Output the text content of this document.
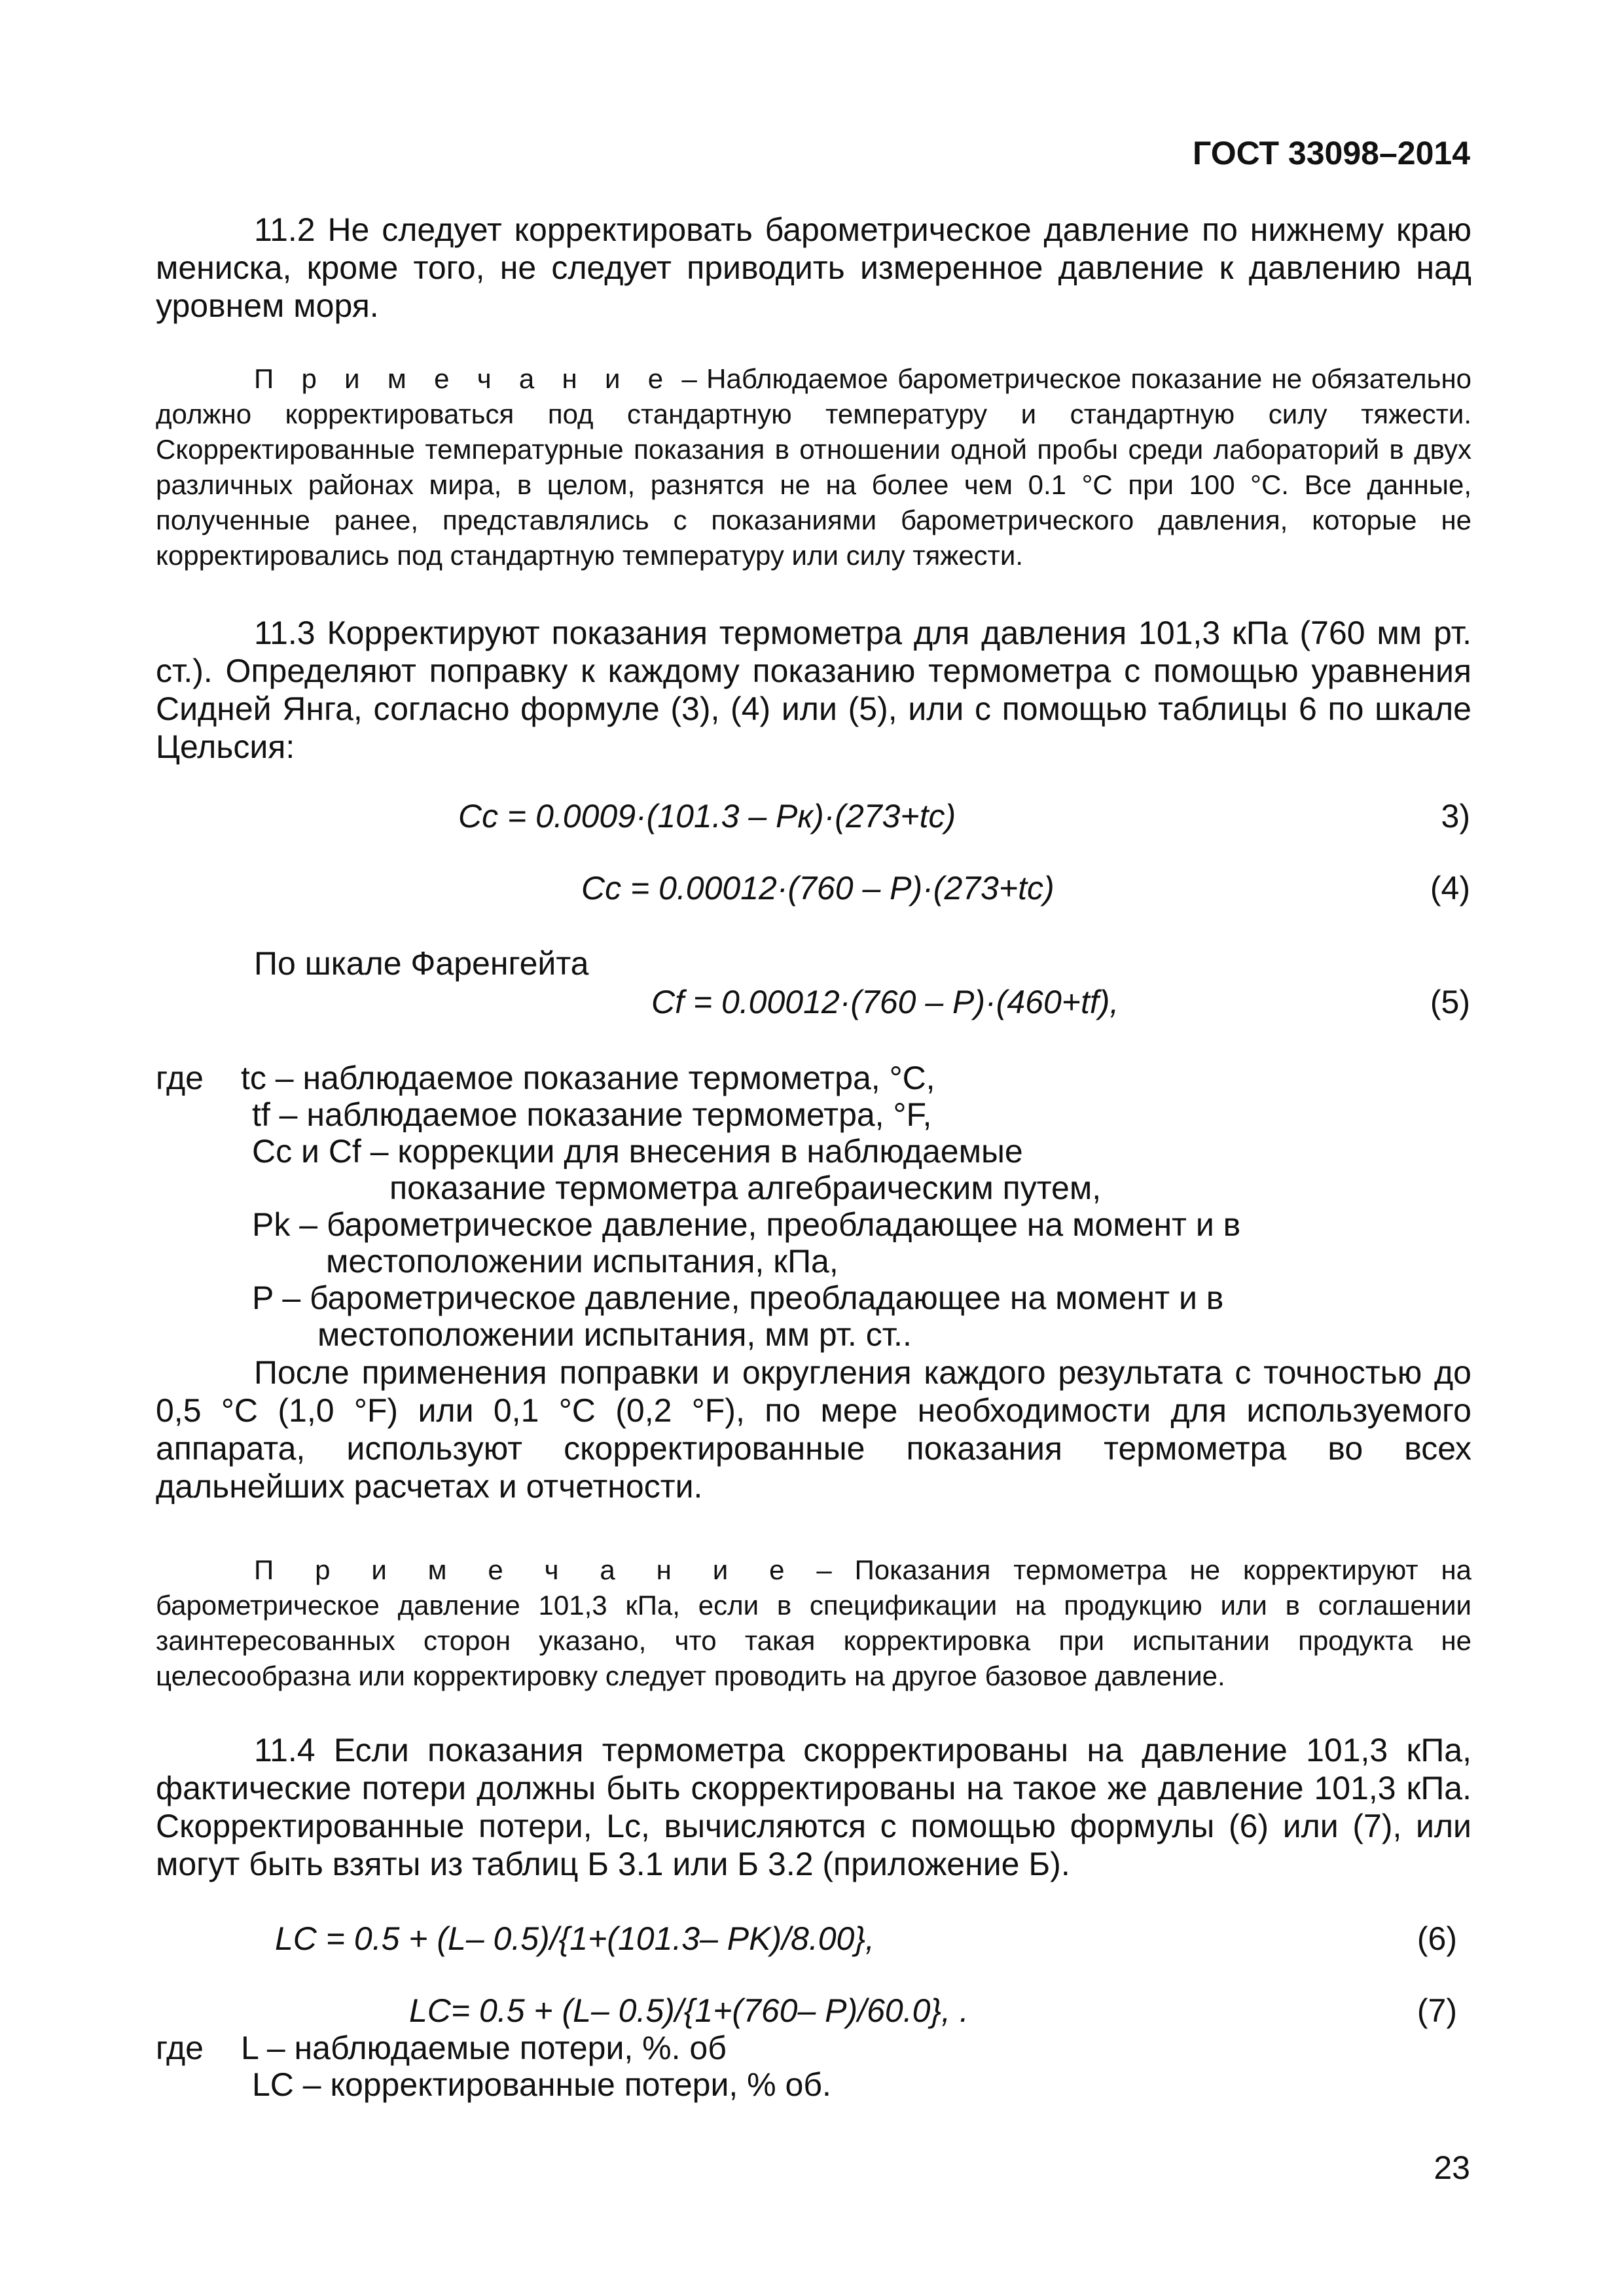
ГОСТ 33098–2014
11.2 Не следует корректировать барометрическое давление по нижнему краю мениска, кроме того, не следует приводить измеренное давление к давлению над уровнем моря.
П р и м е ч а н и е – Наблюдаемое барометрическое показание не обязательно должно корректироваться под стандартную температуру и стандартную силу тяжести. Скорректированные температурные показания в отношении одной пробы среди лабораторий в двух различных районах мира, в целом, разнятся не на более чем 0.1 °С при 100 °С. Все данные, полученные ранее, представлялись с показаниями барометрического давления, которые не корректировались под стандартную температуру или силу тяжести.
11.3 Корректируют показания термометра для давления 101,3 кПа (760 мм рт. ст.). Определяют поправку к каждому показанию термометра с помощью уравнения Сидней Янга, согласно формуле (3), (4) или (5), или с помощью таблицы 6 по шкале Цельсия:
Cc = 0.0009·(101.3 – Pк)·(273+tc)	3)
Cc = 0.00012·(760 – P)·(273+tc)	(4)
По шкале Фаренгейта
Cf = 0.00012·(760 – P)·(460+tf),	(5)
где tc – наблюдаемое показание термометра, °С,
tf – наблюдаемое показание термометра, °F,
Cc и Cf – коррекции для внесения в наблюдаемые
показание термометра алгебраическим путем,
Pk – барометрическое давление, преобладающее на момент и в
местоположении испытания, кПа,
P – барометрическое давление, преобладающее на момент и в
местоположении испытания, мм рт. ст..
После применения поправки и округления каждого результата с точностью до 0,5 °С (1,0 °F) или 0,1 °С (0,2 °F), по мере необходимости для используемого аппарата, используют скорректированные показания термометра во всех дальнейших расчетах и отчетности.
П р и м е ч а н и е – Показания термометра не корректируют на барометрическое давление 101,3 кПа, если в спецификации на продукцию или в соглашении заинтересованных сторон указано, что такая корректировка при испытании продукта не целесообразна или корректировку следует проводить на другое базовое давление.
11.4 Если показания термометра скорректированы на давление 101,3 кПа, фактические потери должны быть скорректированы на такое же давление 101,3 кПа. Скорректированные потери, Lc, вычисляются с помощью формулы (6) или (7), или могут быть взяты из таблиц Б 3.1 или Б 3.2 (приложение Б).
LC = 0.5 + (L– 0.5)/{1+(101.3– PK)/8.00},	(6)
LC= 0.5 + (L– 0.5)/{1+(760– P)/60.0}, .	(7)
где L – наблюдаемые потери, %. об
LC – корректированные потери, % об.
23
